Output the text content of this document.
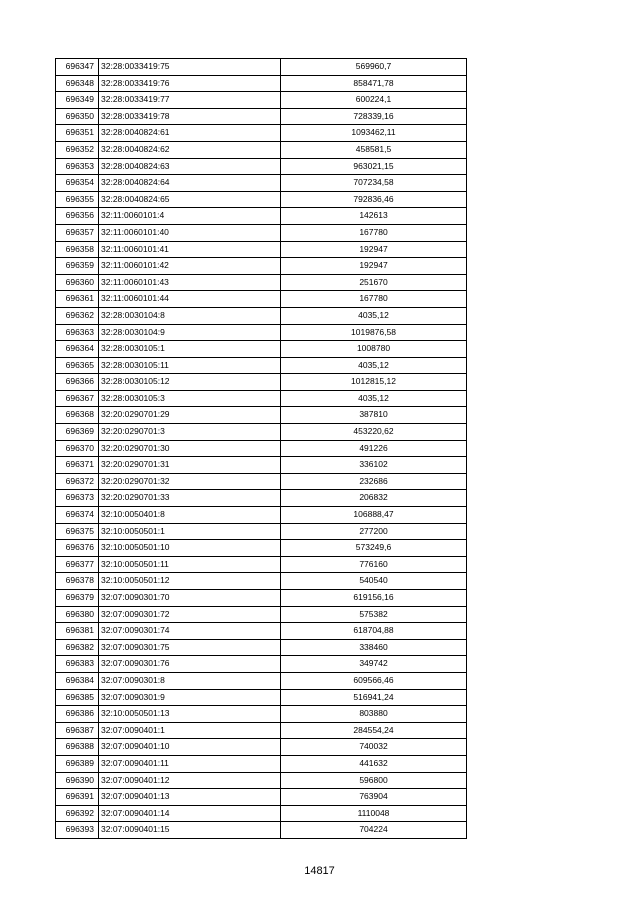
696347	32:28:0033419:75	569960,7
696348	32:28:0033419:76	858471,78
696349	32:28:0033419:77	600224,1
696350	32:28:0033419:78	728339,16
696351	32:28:0040824:61	1093462,11
696352	32:28:0040824:62	458581,5
696353	32:28:0040824:63	963021,15
696354	32:28:0040824:64	707234,58
696355	32:28:0040824:65	792836,46
696356	32:11:0060101:4	142613
696357	32:11:0060101:40	167780
696358	32:11:0060101:41	192947
696359	32:11:0060101:42	192947
696360	32:11:0060101:43	251670
696361	32:11:0060101:44	167780
696362	32:28:0030104:8	4035,12
696363	32:28:0030104:9	1019876,58
696364	32:28:0030105:1	1008780
696365	32:28:0030105:11	4035,12
696366	32:28:0030105:12	1012815,12
696367	32:28:0030105:3	4035,12
696368	32:20:0290701:29	387810
696369	32:20:0290701:3	453220,62
696370	32:20:0290701:30	491226
696371	32:20:0290701:31	336102
696372	32:20:0290701:32	232686
696373	32:20:0290701:33	206832
696374	32:10:0050401:8	106888,47
696375	32:10:0050501:1	277200
696376	32:10:0050501:10	573249,6
696377	32:10:0050501:11	776160
696378	32:10:0050501:12	540540
696379	32:07:0090301:70	619156,16
696380	32:07:0090301:72	575382
696381	32:07:0090301:74	618704,88
696382	32:07:0090301:75	338460
696383	32:07:0090301:76	349742
696384	32:07:0090301:8	609566,46
696385	32:07:0090301:9	516941,24
696386	32:10:0050501:13	803880
696387	32:07:0090401:1	284554,24
696388	32:07:0090401:10	740032
696389	32:07:0090401:11	441632
696390	32:07:0090401:12	596800
696391	32:07:0090401:13	763904
696392	32:07:0090401:14	1110048
696393	32:07:0090401:15	704224
14817
